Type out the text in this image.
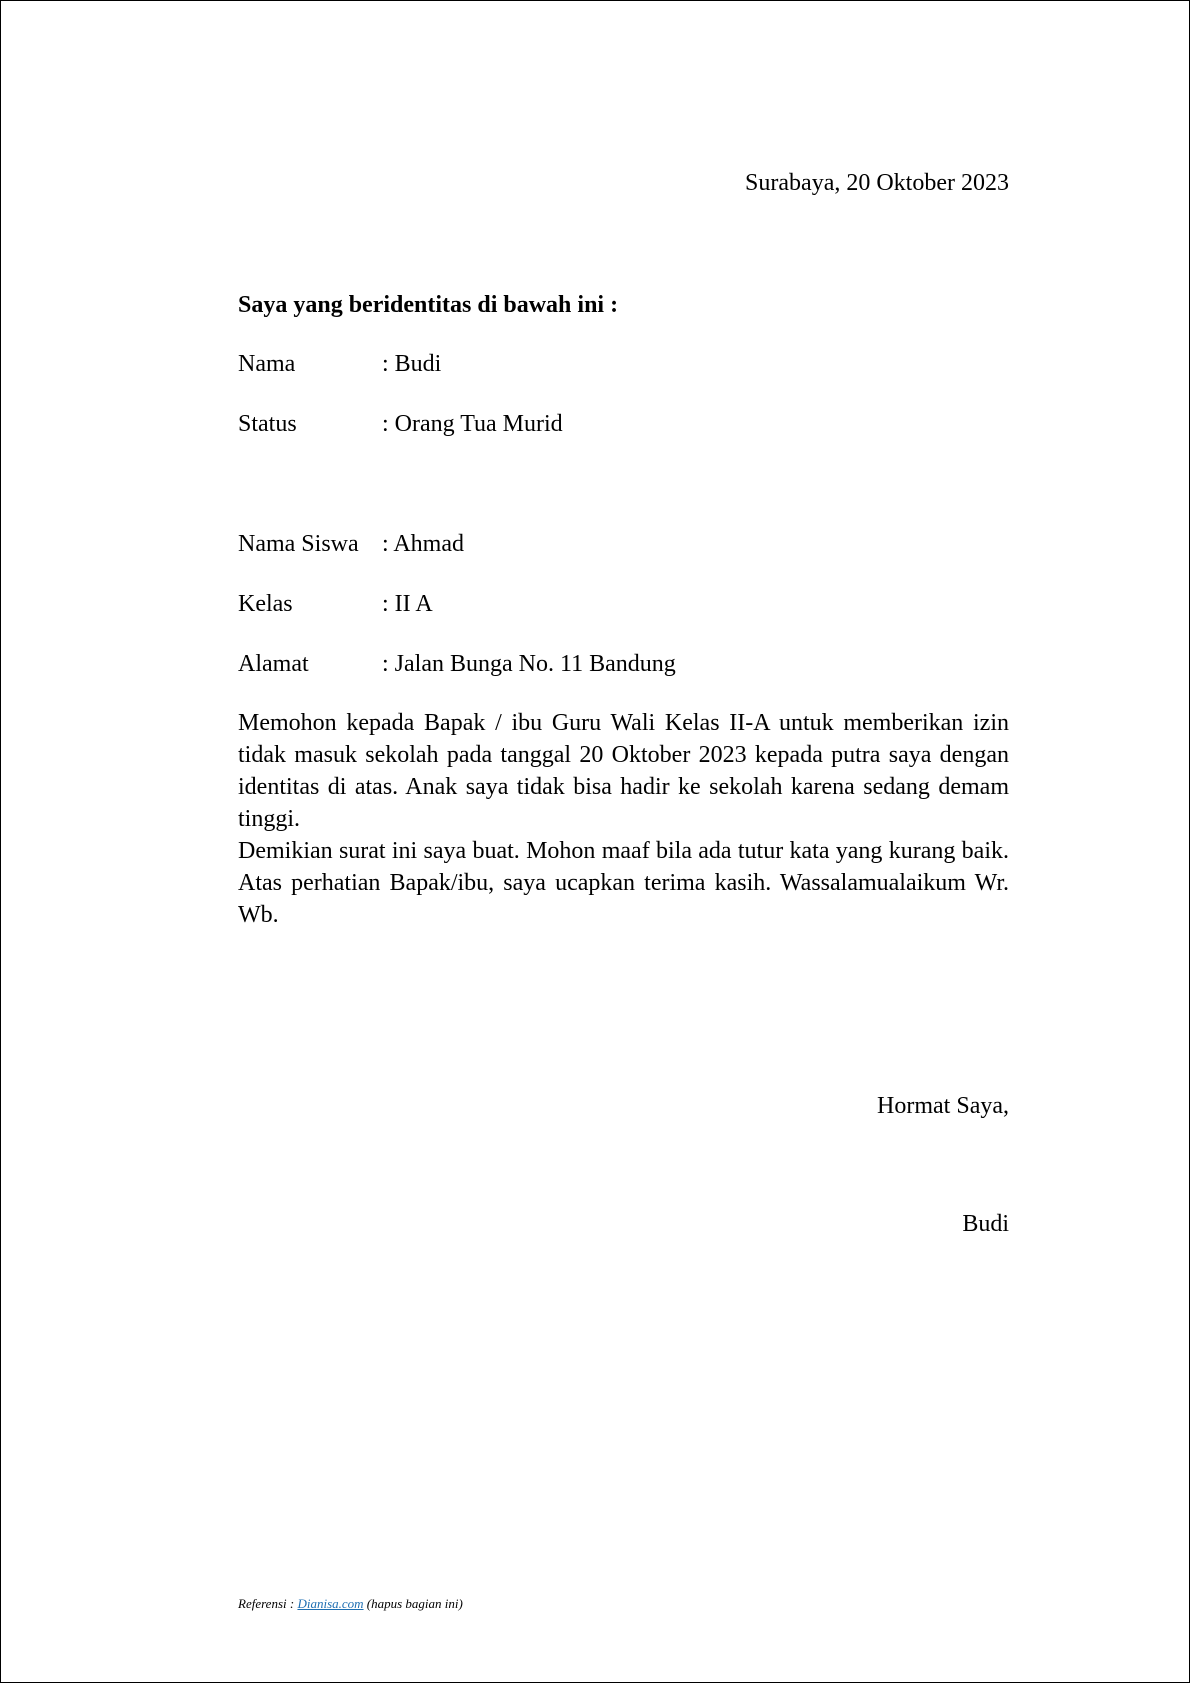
Surabaya, 20 Oktober 2023
Saya yang beridentitas di bawah ini :
Nama	: Budi
Status	: Orang Tua Murid
Nama Siswa : Ahmad
Kelas	: II A
Alamat	: Jalan Bunga No. 11 Bandung
Memohon kepada Bapak / ibu Guru Wali Kelas II-A untuk memberikan izin tidak masuk sekolah pada tanggal 20 Oktober 2023 kepada putra saya dengan identitas di atas. Anak saya tidak bisa hadir ke sekolah karena sedang demam tinggi.
Demikian surat ini saya buat. Mohon maaf bila ada tutur kata yang kurang baik. Atas perhatian Bapak/ibu, saya ucapkan terima kasih. Wassalamualaikum Wr. Wb.
Hormat Saya,
Budi
Referensi : Dianisa.com (hapus bagian ini)
